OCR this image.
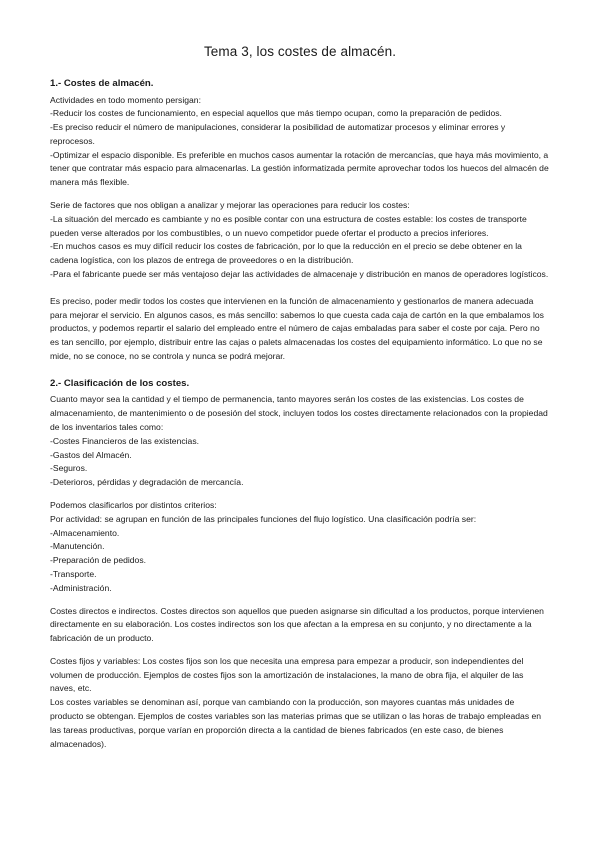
Tema 3, los costes de almacén.
1.- Costes de almacén.

Actividades en todo momento persigan:

-Reducir los costes de funcionamiento, en especial aquellos que más tiempo ocupan, como la preparación de pedidos.

-Es preciso reducir el número de manipulaciones, considerar la posibilidad de automatizar procesos y eliminar errores y reprocesos.

-Optimizar el espacio disponible. Es preferible en muchos casos aumentar la rotación de mercancías, que haya más movimiento, a tener que contratar más espacio para almacenarlas. La gestión informatizada permite aprovechar todos los huecos del almacén de manera más flexible.

Serie de factores que nos obligan a analizar y mejorar las operaciones para reducir los costes:

-La situación del mercado es cambiante y no es posible contar con una estructura de costes estable: los costes de transporte pueden verse alterados por los combustibles, o un nuevo competidor puede ofertar el producto a precios inferiores.

-En muchos casos es muy difícil reducir los costes de fabricación, por lo que la reducción en el precio se debe obtener en la cadena logística, con los plazos de entrega de proveedores o en la distribución.

-Para el fabricante puede ser más ventajoso dejar las actividades de almacenaje y distribución en manos de operadores logísticos.

Es preciso, poder medir todos los costes que intervienen en la función de almacenamiento y gestionarlos de manera adecuada para mejorar el servicio. En algunos casos, es más sencillo: sabemos lo que cuesta cada caja de cartón en la que embalamos los productos, y podemos repartir el salario del empleado entre el número de cajas embaladas para saber el coste por caja. Pero no es tan sencillo, por ejemplo, distribuir entre las cajas o palets almacenadas los costes del equipamiento informático. Lo que no se mide, no se conoce, no se controla y nunca se podrá mejorar.

2.- Clasificación de los costes.

Cuanto mayor sea la cantidad y el tiempo de permanencia, tanto mayores serán los costes de las existencias. Los costes de almacenamiento, de mantenimiento o de posesión del stock, incluyen todos los costes directamente relacionados con la propiedad de los inventarios tales como:

-Costes Financieros de las existencias.

-Gastos del Almacén.

-Seguros.

-Deterioros, pérdidas y degradación de mercancía.

Podemos clasificarlos por distintos criterios:

Por actividad: se agrupan en función de las principales funciones del flujo logístico. Una clasificación podría ser:

-Almacenamiento.

-Manutención.

-Preparación de pedidos.

-Transporte.

-Administración.

Costes directos e indirectos. Costes directos son aquellos que pueden asignarse sin dificultad a los productos, porque intervienen directamente en su elaboración. Los costes indirectos son los que afectan a la empresa en su conjunto, y no directamente a la fabricación de un producto.

Costes fijos y variables: Los costes fijos son los que necesita una empresa para empezar a producir, son independientes del volumen de producción. Ejemplos de costes fijos son la amortización de instalaciones, la mano de obra fija, el alquiler de las naves, etc.

Los costes variables se denominan así, porque van cambiando con la producción, son mayores cuantas más unidades de producto se obtengan. Ejemplos de costes variables son las materias primas que se utilizan o las horas de trabajo empleadas en las tareas productivas, porque varían en proporción directa a la cantidad de bienes fabricados (en este caso, de bienes almacenados).
